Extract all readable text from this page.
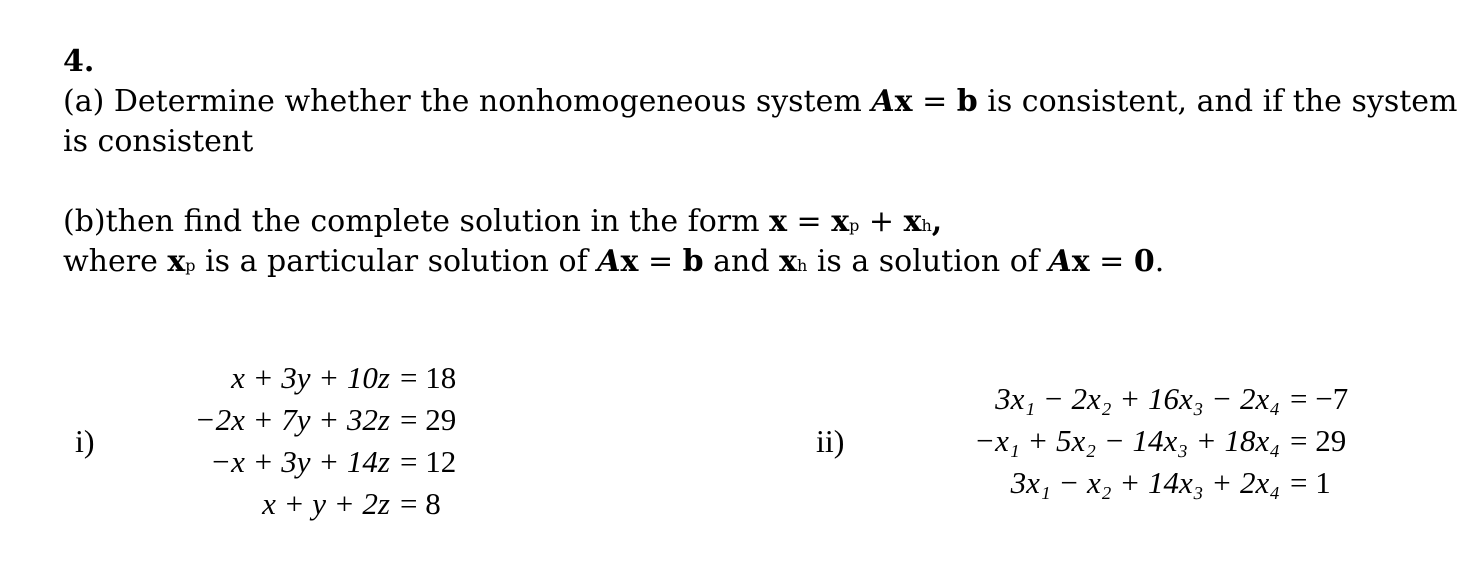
4.
(a) Determine whether the nonhomogeneous system Ax = b is consistent, and if the system
is consistent
(b)then find the complete solution in the form x = xp + xh,
where xp is a particular solution of Ax = b and xh is a solution of Ax = 0.
i)
x + 3y + 10z = 18
−2x + 7y + 32z = 29
−x + 3y + 14z = 12
x + y + 2z = 8
ii)
3x₁ − 2x₂ + 16x₃ − 2x₄ = −7
−x₁ + 5x₂ − 14x₃ + 18x₄ = 29
3x₁ − x₂ + 14x₃ + 2x₄ = 1
